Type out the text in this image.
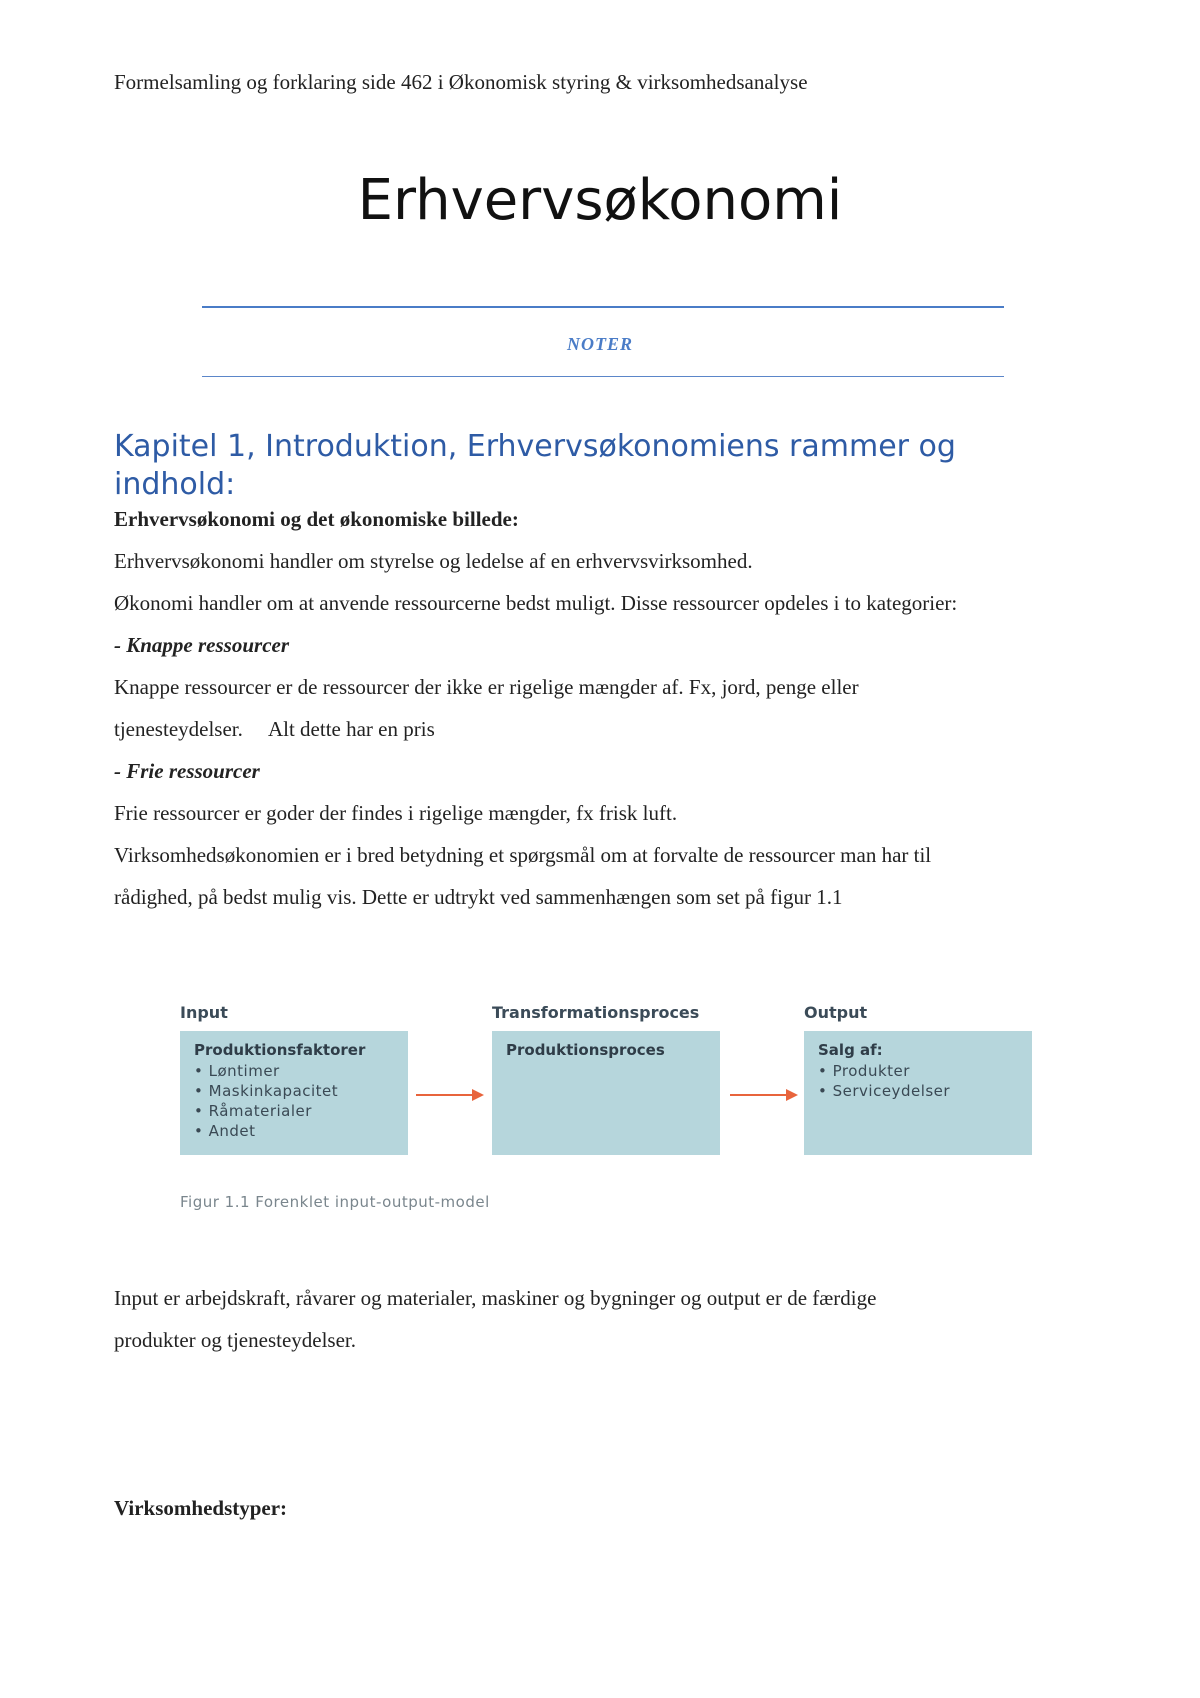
Formelsamling og forklaring side 462 i Økonomisk styring & virksomhedsanalyse
Erhvervsøkonomi
NOTER
Kapitel 1, Introduktion, Erhvervsøkonomiens rammer og indhold:

Erhvervsøkonomi og det økonomiske billede:

Erhvervsøkonomi handler om styrelse og ledelse af en erhvervsvirksomhed.

Økonomi handler om at anvende ressourcerne bedst muligt. Disse ressourcer opdeles i to kategorier:

- Knappe ressourcer

Knappe ressourcer er de ressourcer der ikke er rigelige mængder af. Fx, jord, penge eller

tjenesteydelser.     Alt dette har en pris

- Frie ressourcer

Frie ressourcer er goder der findes i rigelige mængder, fx frisk luft.

Virksomhedsøkonomien er i bred betydning et spørgsmål om at forvalte de ressourcer man har til

rådighed, på bedst mulig vis. Dette er udtrykt ved sammenhængen som set på figur 1.1

Input	Transformationsproces	Output
Produktionsfaktorer
• Løntimer
• Maskinkapacitet
• Råmaterialer
• Andet
Produktionsproces	Salg af:
• Produkter
• Serviceydelser
Figur 1.1 Forenklet input-output-model

Input er arbejdskraft, råvarer og materialer, maskiner og bygninger og output er de færdige

produkter og tjenesteydelser.

Virksomhedstyper:
